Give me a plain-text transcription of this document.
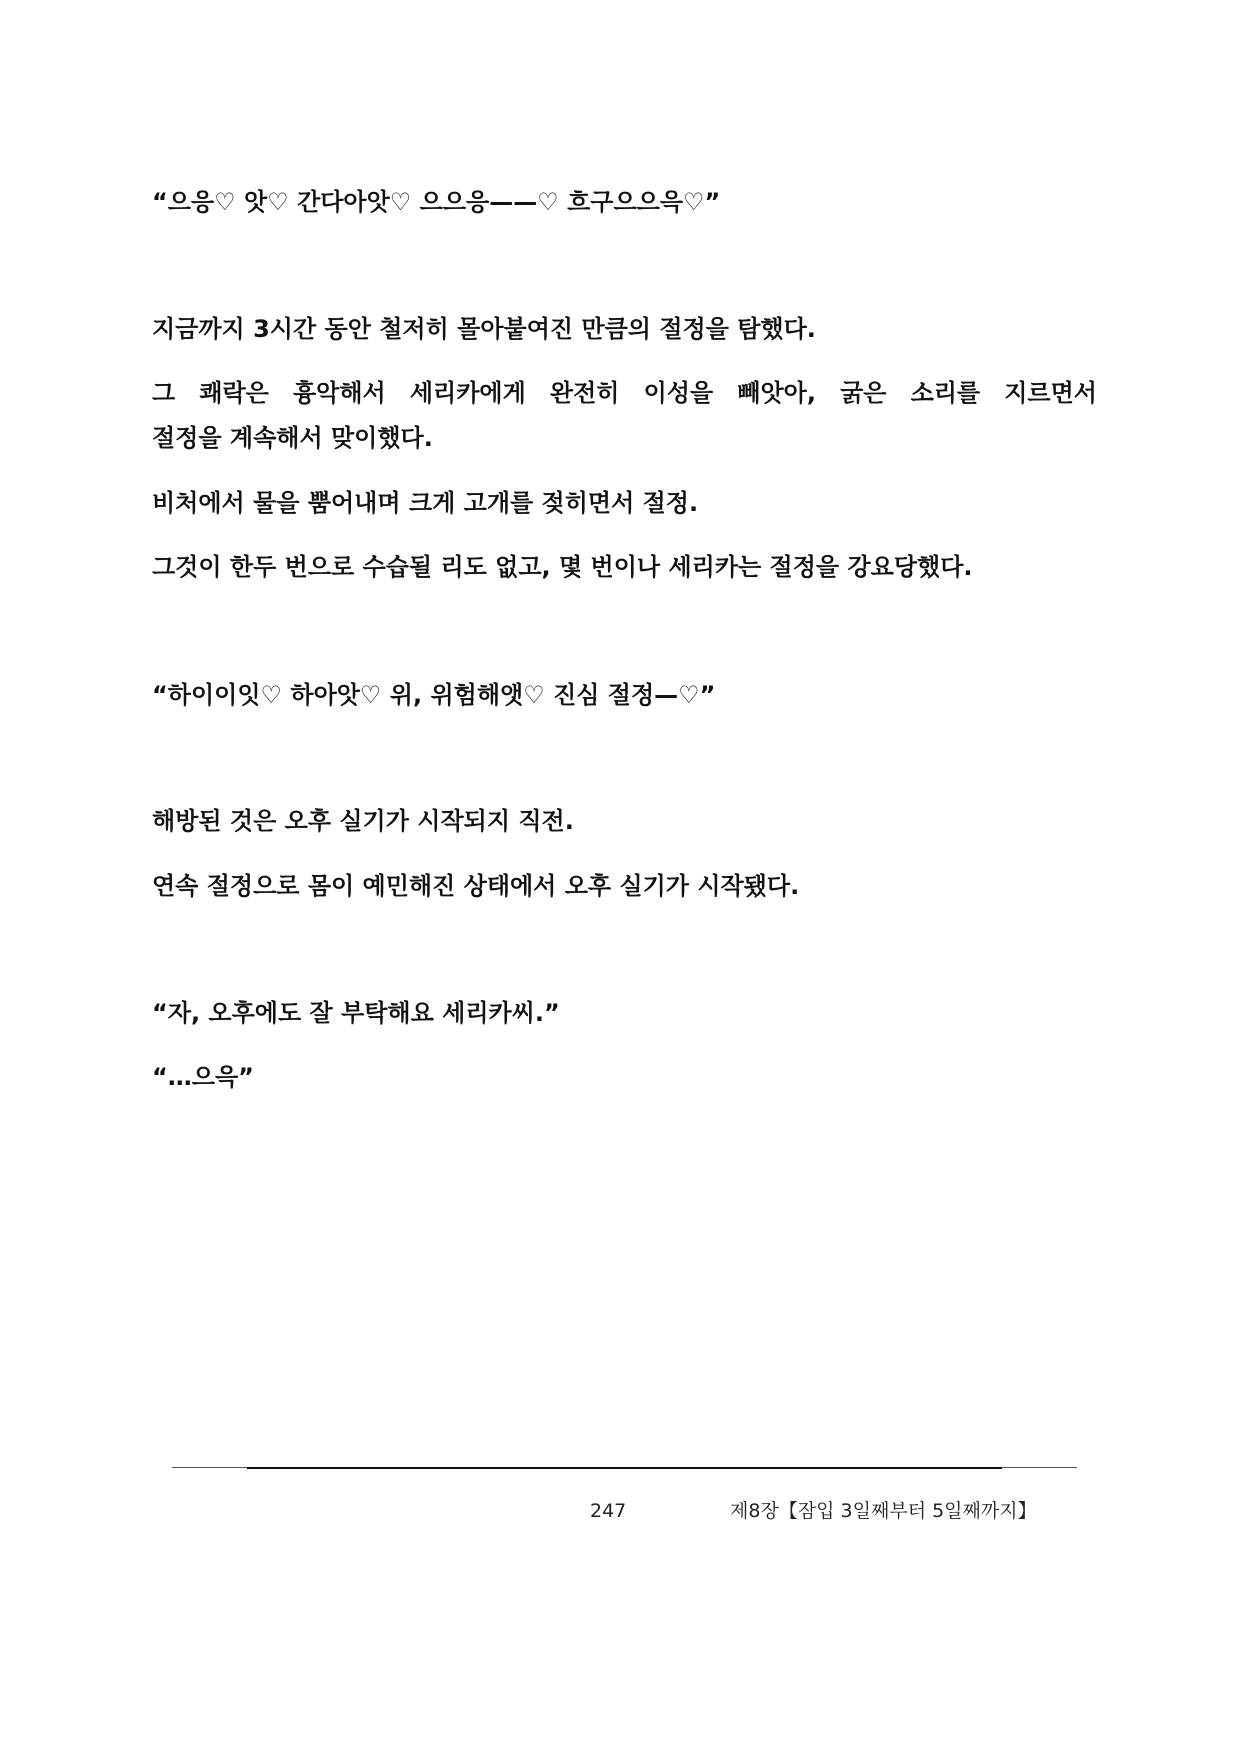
“으응♡ 앗♡ 간다아앗♡ 으으응——♡ 흐구으으윽♡”
지금까지 3시간 동안 철저히 몰아붙여진 만큼의 절정을 탐했다.
그 쾌락은 흉악해서 세리카에게 완전히 이성을 빼앗아, 굵은 소리를 지르면서
절정을 계속해서 맞이했다.
비처에서 물을 뿜어내며 크게 고개를 젖히면서 절정.
그것이 한두 번으로 수습될 리도 없고, 몇 번이나 세리카는 절정을 강요당했다.
“하이이잇♡ 하아앗♡ 위, 위험해앳♡ 진심 절정—♡”
해방된 것은 오후 실기가 시작되지 직전.
연속 절정으로 몸이 예민해진 상태에서 오후 실기가 시작됐다.
“자, 오후에도 잘 부탁해요 세리카씨.”
“…으윽”
247	제8장【잠입 3일째부터 5일째까지】
